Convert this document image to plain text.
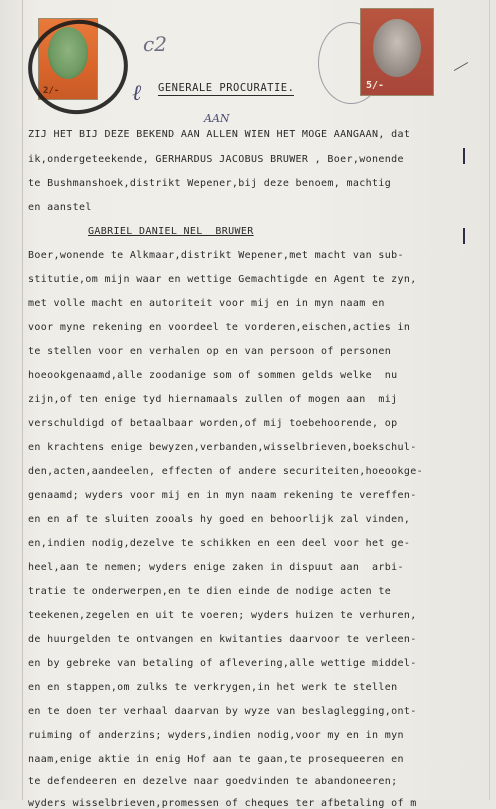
2/-	5/-
c2
ℓ
AAN
GENERALE PROCURATIE.
ZIJ HET BIJ DEZE BEKEND AAN ALLEN WIEN HET MOGE AANGAAN, dat
ik,ondergeteekende, GERHARDUS JACOBUS BRUWER , Boer,wonende
te Bushmanshoek,distrikt Wepener,bij deze benoem, machtig
en aanstel
GABRIEL DANIEL NEL  BRUWER
Boer,wonende te Alkmaar,distrikt Wepener,met macht van sub-
stitutie,om mijn waar en wettige Gemachtigde en Agent te zyn,
met volle macht en autoriteit voor mij en in myn naam en
voor myne rekening en voordeel te vorderen,eischen,acties in
te stellen voor en verhalen op en van persoon of personen
hoeookgenaamd,alle zoodanige som of sommen gelds welke  nu
zijn,of ten enige tyd hiernamaals zullen of mogen aan  mij
verschuldigd of betaalbaar worden,of mij toebehoorende, op
en krachtens enige bewyzen,verbanden,wisselbrieven,boekschul-
den,acten,aandeelen, effecten of andere securiteiten,hoeookge-
genaamd; wyders voor mij en in myn naam rekening te vereffen-
en en af te sluiten zooals hy goed en behoorlijk zal vinden,
en,indien nodig,dezelve te schikken en een deel voor het ge-
heel,aan te nemen; wyders enige zaken in dispuut aan  arbi-
tratie te onderwerpen,en te dien einde de nodige acten te
teekenen,zegelen en uit te voeren; wyders huizen te verhuren,
de huurgelden te ontvangen en kwitanties daarvoor te verleen-
en by gebreke van betaling of aflevering,alle wettige middel-
en en stappen,om zulks te verkrygen,in het werk te stellen
en te doen ter verhaal daarvan by wyze van beslaglegging,ont-
ruiming of anderzins; wyders,indien nodig,voor my en in myn
naam,enige aktie in enig Hof aan te gaan,te prosequeeren en
te defendeeren en dezelve naar goedvinden te abandoneeren;
wyders wisselbrieven,promessen of cheques ter afbetaling of m
